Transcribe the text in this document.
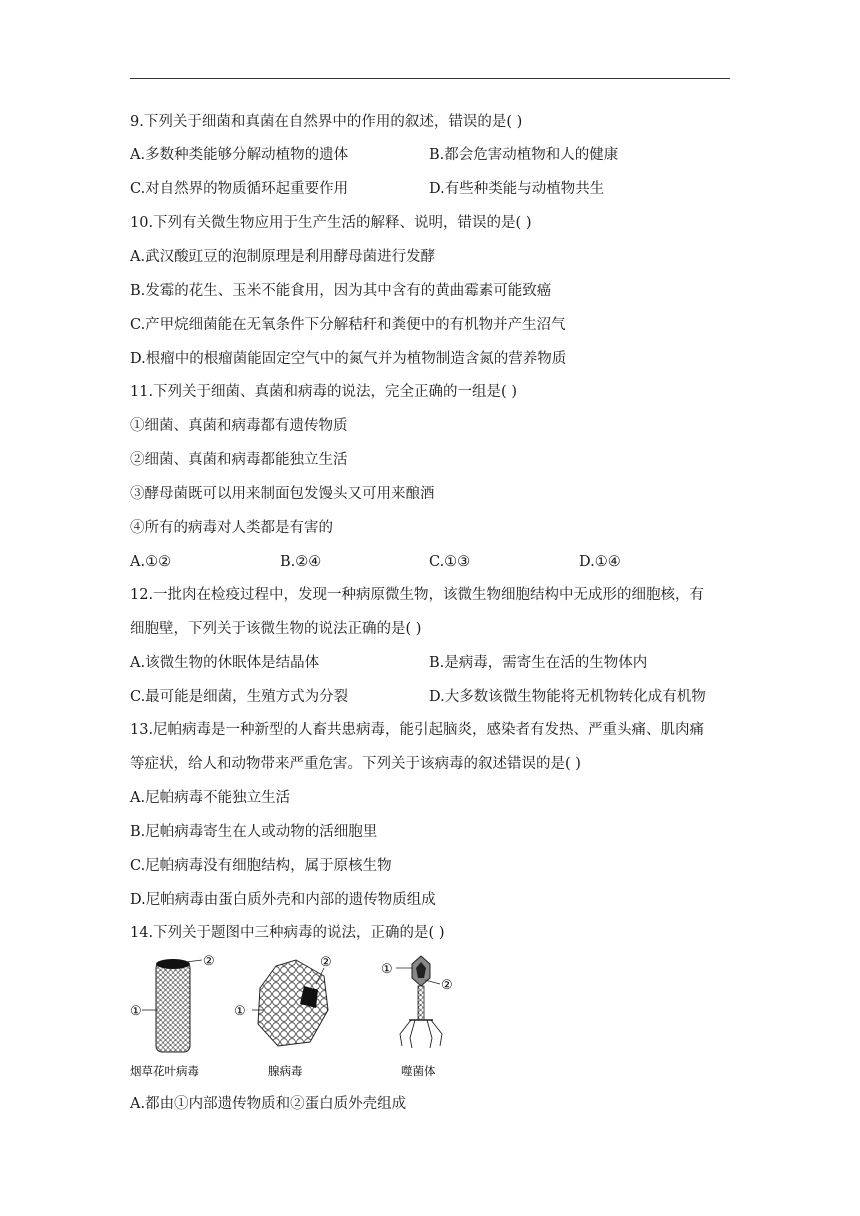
9.下列关于细菌和真菌在自然界中的作用的叙述，错误的是( )
A.多数种类能够分解动植物的遗体	B.都会危害动植物和人的健康
C.对自然界的物质循环起重要作用	D.有些种类能与动植物共生
10.下列有关微生物应用于生产生活的解释、说明，错误的是( )
A.武汉酸豇豆的泡制原理是利用酵母菌进行发酵
B.发霉的花生、玉米不能食用，因为其中含有的黄曲霉素可能致癌
C.产甲烷细菌能在无氧条件下分解秸秆和粪便中的有机物并产生沼气
D.根瘤中的根瘤菌能固定空气中的氮气并为植物制造含氮的营养物质
11.下列关于细菌、真菌和病毒的说法，完全正确的一组是( )
①细菌、真菌和病毒都有遗传物质
②细菌、真菌和病毒都能独立生活
③酵母菌既可以用来制面包发馒头又可用来酿酒
④所有的病毒对人类都是有害的
A.①②	B.②④	C.①③	D.①④
12.一批肉在检疫过程中，发现一种病原微生物，该微生物细胞结构中无成形的细胞核，有
细胞壁，下列关于该微生物的说法正确的是( )
A.该微生物的休眠体是结晶体	B.是病毒，需寄生在活的生物体内
C.最可能是细菌，生殖方式为分裂	D.大多数该微生物能将无机物转化成有机物
13.尼帕病毒是一种新型的人畜共患病毒，能引起脑炎，感染者有发热、严重头痛、肌肉痛
等症状，给人和动物带来严重危害。下列关于该病毒的叙述错误的是( )
A.尼帕病毒不能独立生活
B.尼帕病毒寄生在人或动物的活细胞里
C.尼帕病毒没有细胞结构，属于原核生物
D.尼帕病毒由蛋白质外壳和内部的遗传物质组成
14.下列关于题图中三种病毒的说法，正确的是( )
②
①
烟草花叶病毒
②
①
腺病毒
①
②
噬菌体
A.都由①内部遗传物质和②蛋白质外壳组成
